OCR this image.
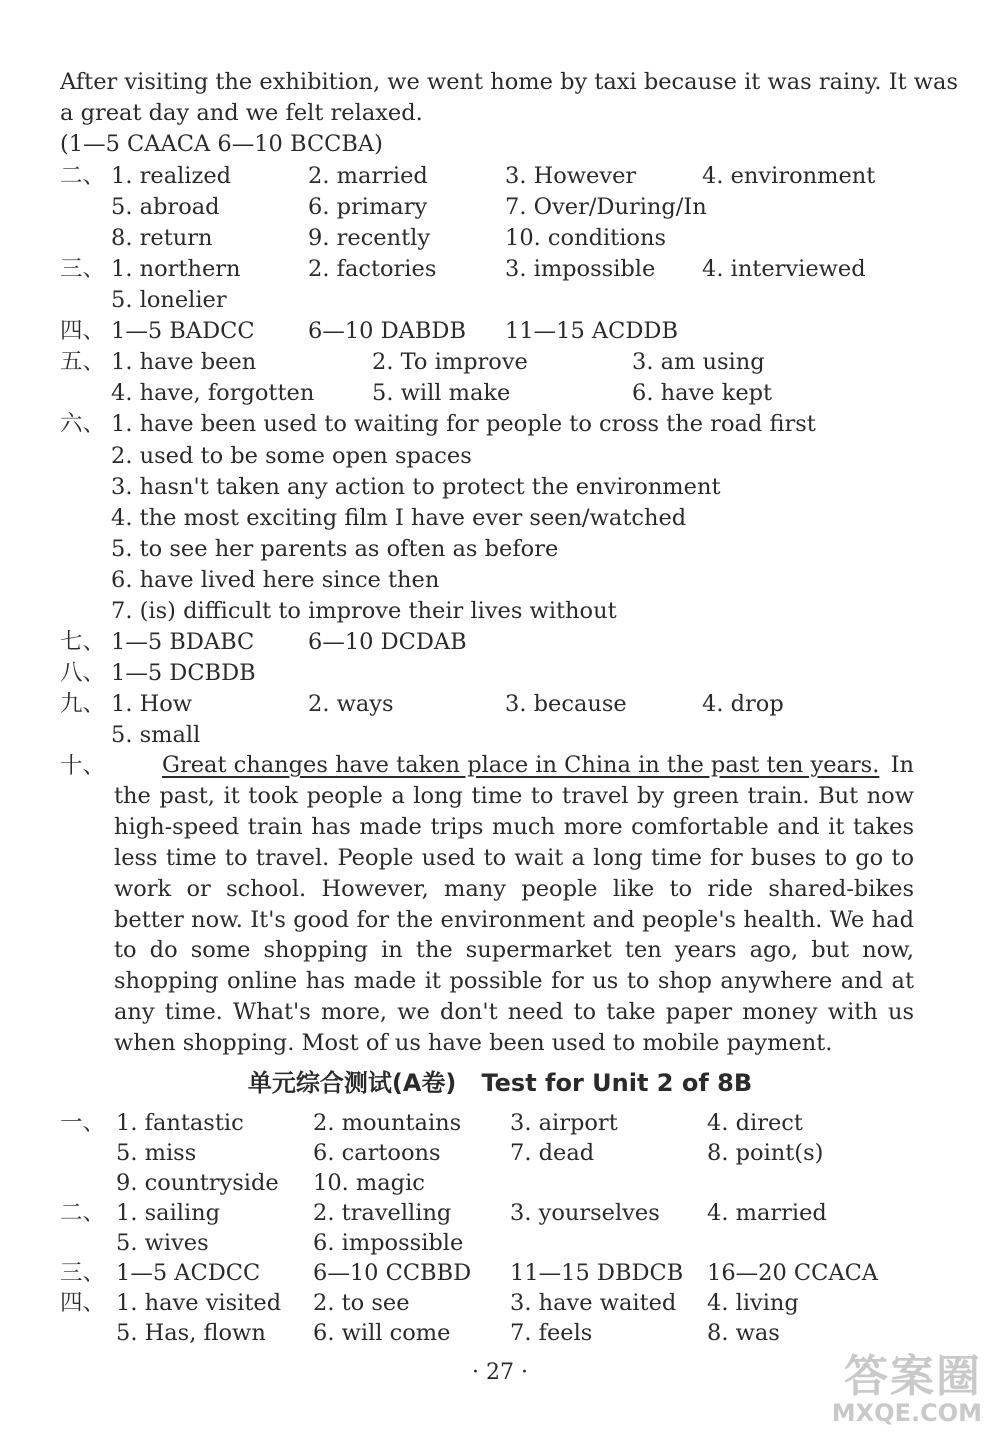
After visiting the exhibition, we went home by taxi because it was rainy. It was
a great day and we felt relaxed.
(1—5 CAACA 6—10 BCCBA)
二、 1. realized	2. married	3. However	4. environment
5. abroad	6. primary	7. Over/During/In
8. return	9. recently	10. conditions
三、 1. northern	2. factories	3. impossible 4. interviewed
5. lonelier
四、 1—5 BADCC 6—10 DABDB 11—15 ACDDB
五、 1. have been	2. To improve	3. am using
4. have, forgotten	5. will make	6. have kept
六、 1. have been used to waiting for people to cross the road first
2. used to be some open spaces
3. hasn't taken any action to protect the environment
4. the most exciting film I have ever seen/watched
5. to see her parents as often as before
6. have lived here since then
7. (is) difficult to improve their lives without
七、 1—5 BDABC 6—10 DCDAB
八、 1—5 DCBDB
九、 1. How	2. ways	3. because	4. drop
5. small
十、	Great changes have taken place in China in the past ten years. In the past, it took people a long time to travel by green train. But now high-speed train has made trips much more comfortable and it takes less time to travel. People used to wait a long time for buses to go to work or school. However, many people like to ride shared-bikes better now. It's good for the environment and people's health. We had to do some shopping in the supermarket ten years ago, but now, shopping online has made it possible for us to shop anywhere and at any time. What's more, we don't need to take paper money with us when shopping. Most of us have been used to mobile payment.
单元综合测试(A卷) Test for Unit 2 of 8B
一、 1. fantastic	2. mountains 3. airport	4. direct
5. miss	6. cartoons	7. dead	8. point(s)
9. countryside 10. magic
二、 1. sailing	2. travelling	3. yourselves 4. married
5. wives	6. impossible
三、 1—5 ACDCC 6—10 CCBBD 11—15 DBDCB 16—20 CCACA
四、 1. have visited 2. to see	3. have waited 4. living
5. Has, flown 6. will come	7. feels	8. was
· 27 ·	答案圈
MXQE.COM
